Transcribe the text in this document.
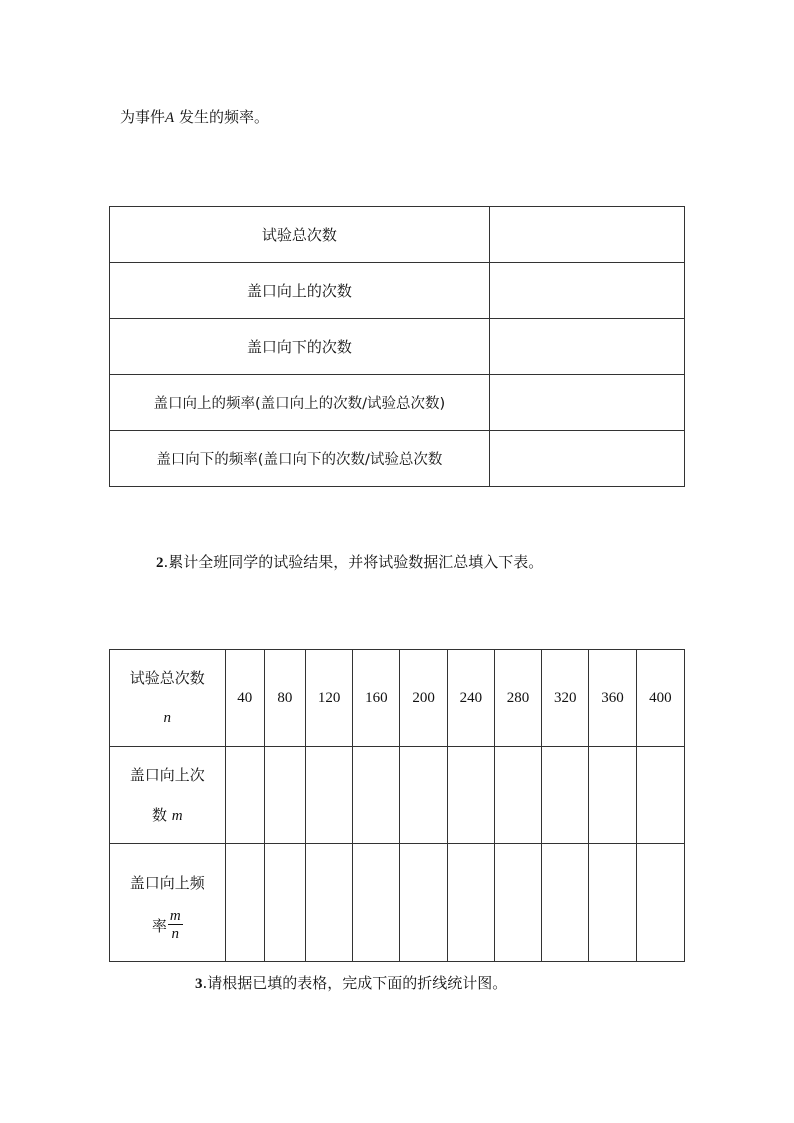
为事件A 发生的频率。
试验总次数	
盖口向上的次数	
盖口向下的次数	
盖口向上的频率(盖口向上的次数/试验总次数)	
盖口向下的频率(盖口向下的次数/试验总次数	
2.累计全班同学的试验结果，并将试验数据汇总填入下表。
试验总次数
n	40	80	120	160	200	240	280	320	360	400

盖口向上次
数 m										

盖口向上频
率 $\frac{m}{n}$

3.请根据已填的表格，完成下面的折线统计图。
